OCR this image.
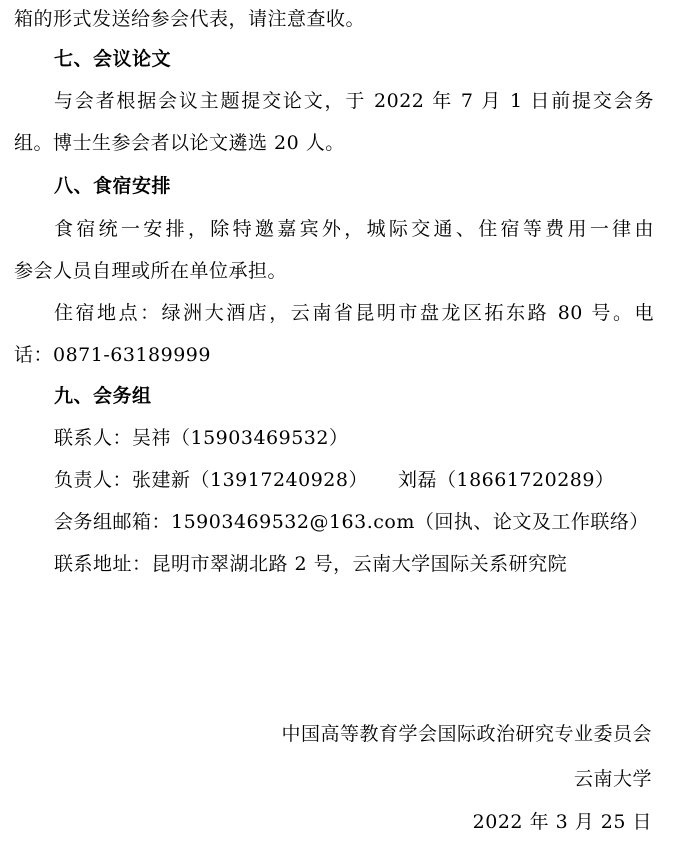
箱的形式发送给参会代表，请注意查收。
七、会议论文
与会者根据会议主题提交论文，于 2022 年 7 月 1 日前提交会务
组。博士生参会者以论文遴选 20 人。
八、食宿安排
食宿统一安排，除特邀嘉宾外，城际交通、住宿等费用一律由
参会人员自理或所在单位承担。
住宿地点：绿洲大酒店，云南省昆明市盘龙区拓东路 80 号。电
话：0871-63189999
九、会务组
联系人：吴祎（15903469532）
负责人：张建新（13917240928） 刘磊（18661720289）
会务组邮箱：15903469532@163.com（回执、论文及工作联络）
联系地址：昆明市翠湖北路 2 号，云南大学国际关系研究院
中国高等教育学会国际政治研究专业委员会
云南大学
2022 年 3 月 25 日
